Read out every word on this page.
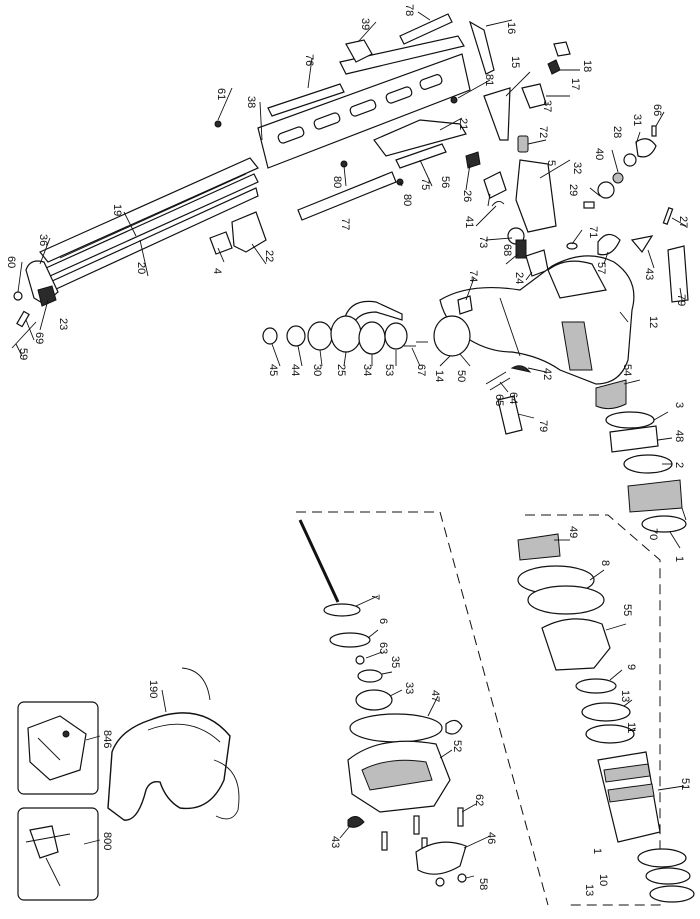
1
2
3
4
5
6
7
8
9
10
11
12
13
14
15
16
17
18
19
20
21
22
23
24
25
26
27
28
29
30
31
32
33
34
35
36
37
38
39
40
41
42
43
44
45
46
47
48
49
50
51
52
53	54
55
56
57
58
59
60
61
62
63
64
65
66
67
68
69
70
71
72
73
74
75
76
77
78
79
79
80
80
81
1
13
43
190
800
846
